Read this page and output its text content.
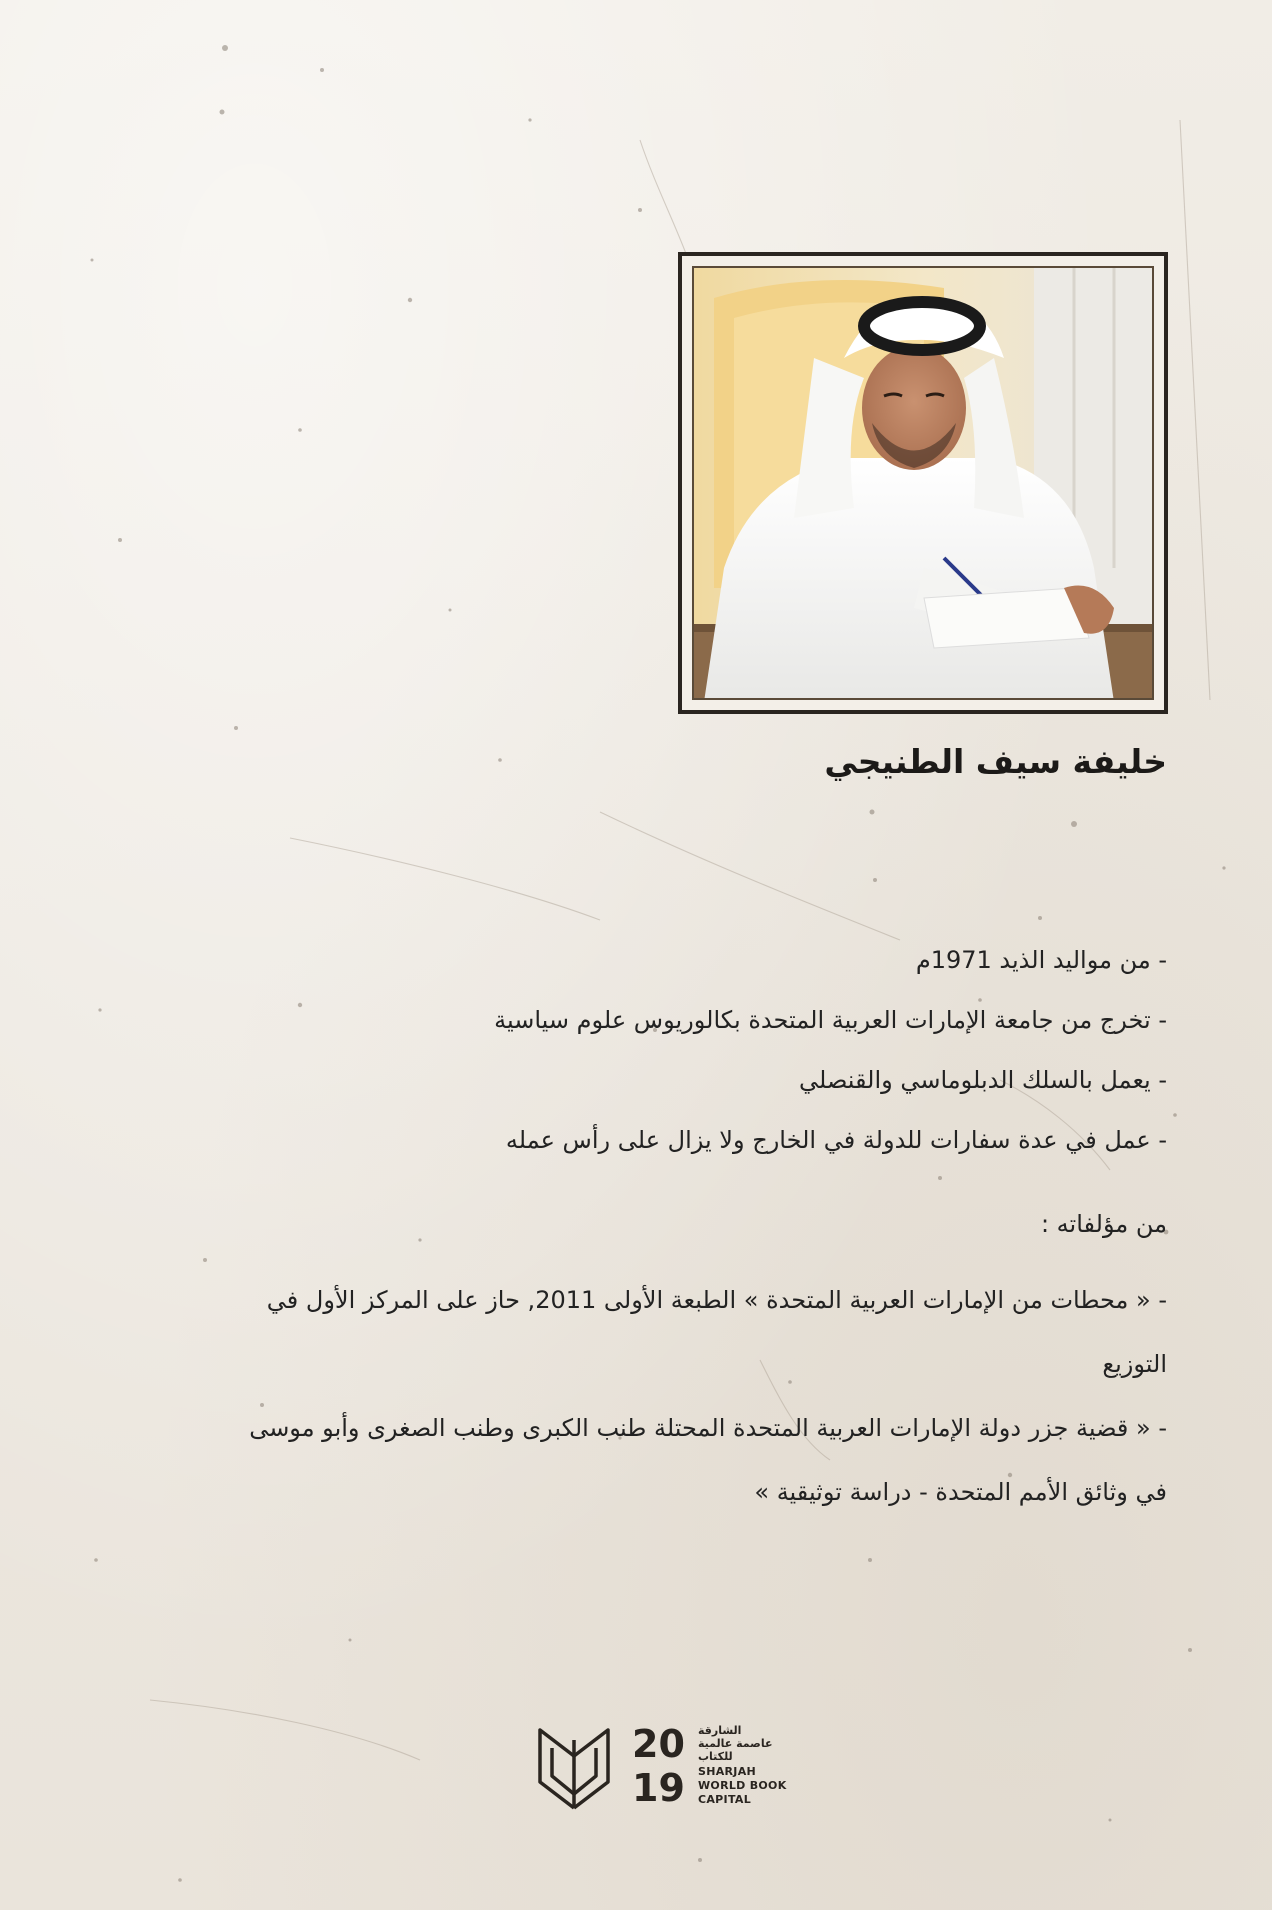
خليفة سيف الطنيجي
- من مواليد الذيد 1971م
- تخرج من جامعة الإمارات العربية المتحدة بكالوريوس علوم سياسية
- يعمل بالسلك الدبلوماسي والقنصلي
- عمل في عدة سفارات للدولة في الخارج ولا يزال على رأس عمله
من مؤلفاته :

- « محطات من الإمارات العربية المتحدة » الطبعة الأولى 2011, حاز على المركز الأول في التوزيع

- « قضية جزر دولة الإمارات العربية المتحدة المحتلة طنب الكبرى وطنب الصغرى وأبو موسى في وثائق الأمم المتحدة - دراسة توثيقية »

20
19
الشارقة
عاصمة عالمية
للكتاب
SHARJAH
WORLD BOOK
CAPITAL
